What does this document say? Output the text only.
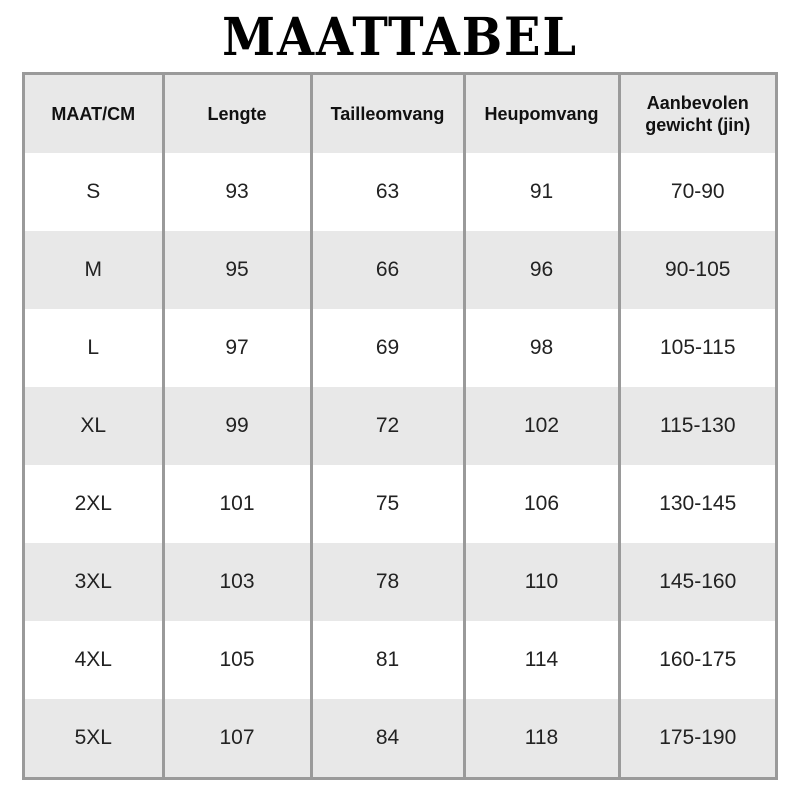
MAATTABEL
MAAT/CM	Lengte	Tailleomvang	Heupomvang	Aanbevolen gewicht (jin)
S	93	63	91	70-90
M	95	66	96	90-105
L	97	69	98	105-115
XL	99	72	102	115-130
2XL	101	75	106	130-145
3XL	103	78	110	145-160
4XL	105	81	114	160-175
5XL	107	84	118	175-190
